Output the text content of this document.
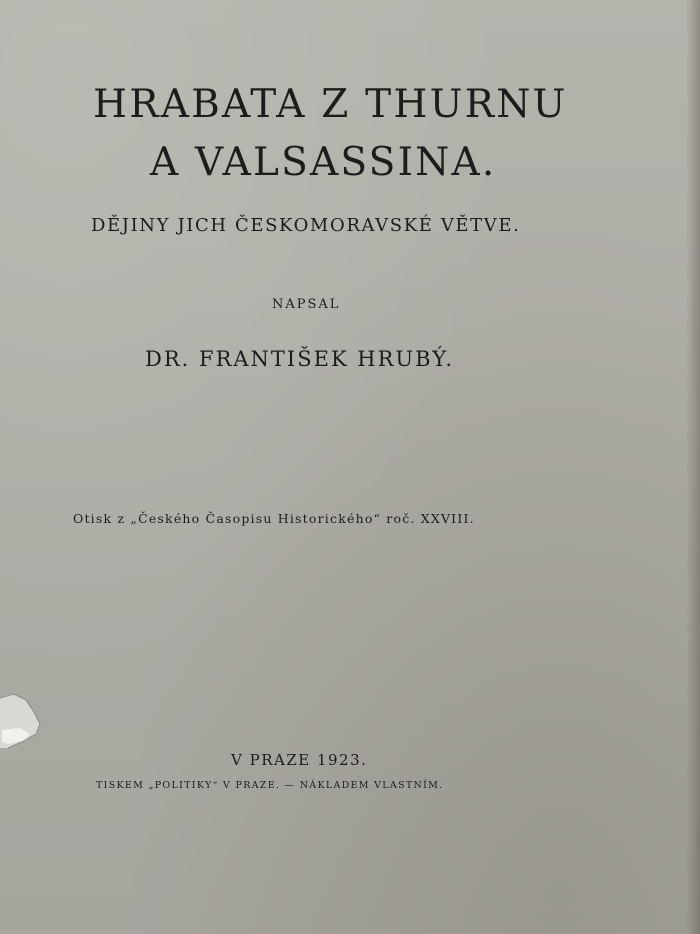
HRABATA Z THURNU
A VALSASSINA.
DĚJINY JICH ČESKOMORAVSKÉ VĚTVE.
NAPSAL
DR. FRANTIŠEK HRUBÝ.
Otisk z „Českého Časopisu Historického“ roč. XXVIII.
V PRAZE 1923.
TISKEM „POLITIKY“ V PRAZE. — NÁKLADEM VLASTNÍM.
